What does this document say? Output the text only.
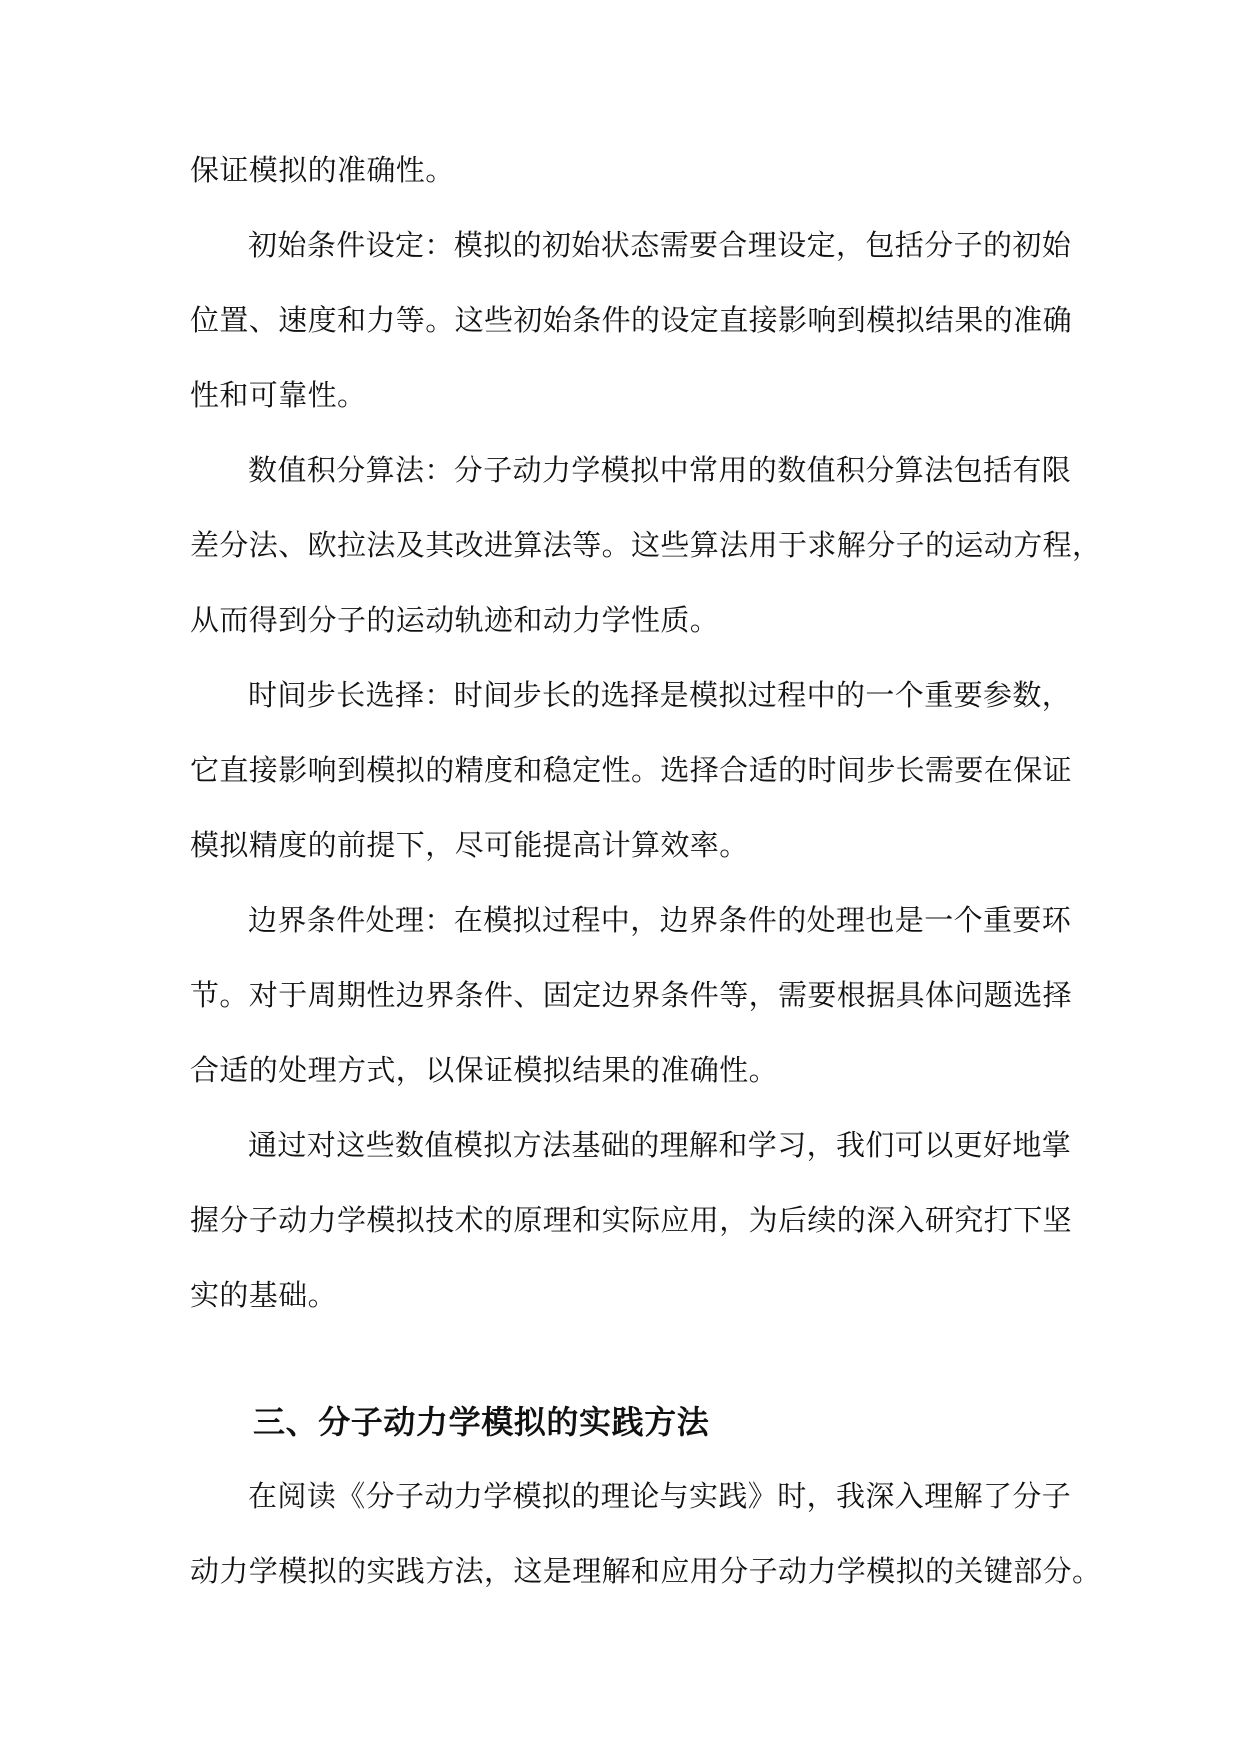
保证模拟的准确性。
初始条件设定：模拟的初始状态需要合理设定，包括分子的初始
位置、速度和力等。这些初始条件的设定直接影响到模拟结果的准确
性和可靠性。
数值积分算法：分子动力学模拟中常用的数值积分算法包括有限
差分法、欧拉法及其改进算法等。这些算法用于求解分子的运动方程，
从而得到分子的运动轨迹和动力学性质。
时间步长选择：时间步长的选择是模拟过程中的一个重要参数，
它直接影响到模拟的精度和稳定性。选择合适的时间步长需要在保证
模拟精度的前提下，尽可能提高计算效率。
边界条件处理：在模拟过程中，边界条件的处理也是一个重要环
节。对于周期性边界条件、固定边界条件等，需要根据具体问题选择
合适的处理方式，以保证模拟结果的准确性。
通过对这些数值模拟方法基础的理解和学习，我们可以更好地掌
握分子动力学模拟技术的原理和实际应用，为后续的深入研究打下坚
实的基础。
三、分子动力学模拟的实践方法
在阅读《分子动力学模拟的理论与实践》时，我深入理解了分子
动力学模拟的实践方法，这是理解和应用分子动力学模拟的关键部分。
